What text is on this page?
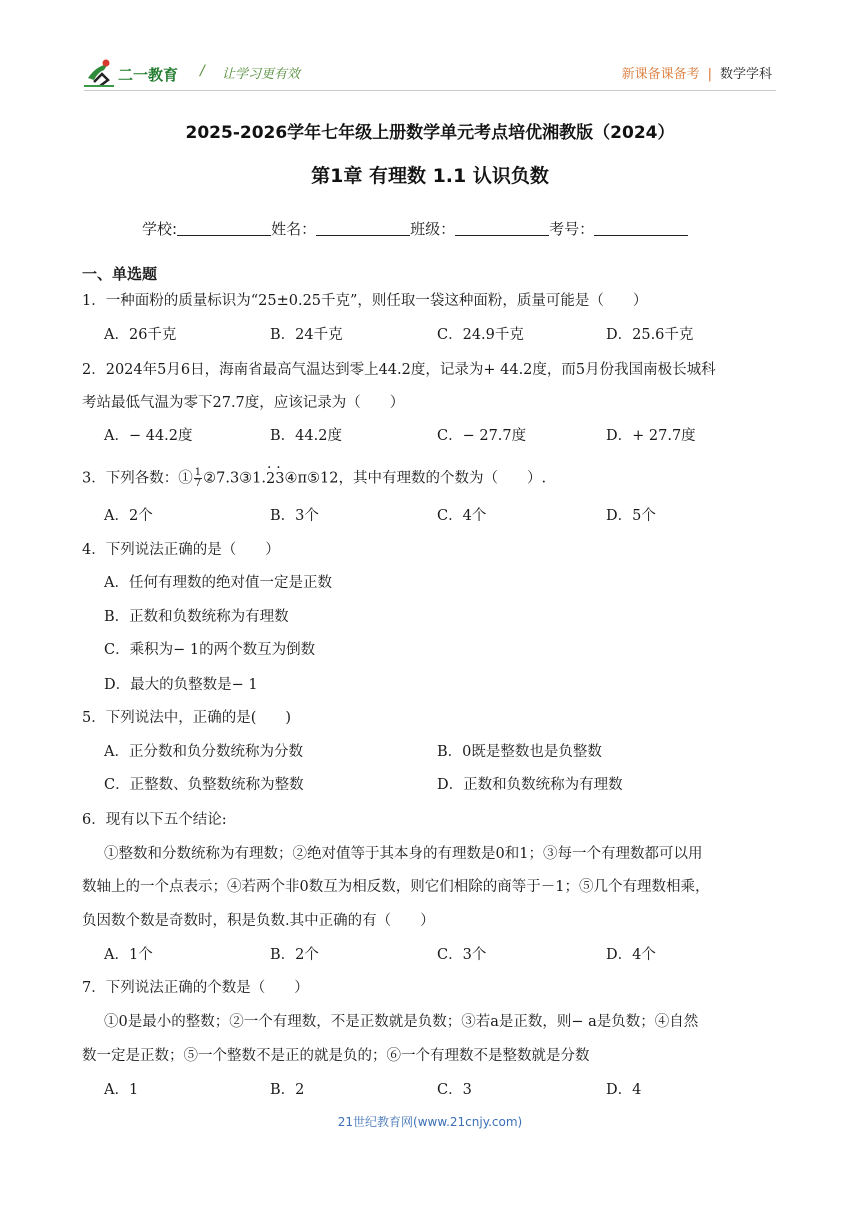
二一教育 / 让学习更有效	新课备课备考 | 数学学科
2025-2026学年七年级上册数学单元考点培优湘教版（2024）
第1章 有理数 1.1 认识负数
学校:	姓名：	班级：	考号：
一、单选题
1．一种面粉的质量标识为“25±0.25千克”，则任取一袋这种面粉，质量可能是（　　）
A．26千克	B．24千克	C．24.9千克	D．25.6千克
2．2024年5月6日，海南省最高气温达到零上44.2度，记录为+ 44.2度，而5月份我国南极长城科
考站最低气温为零下27.7度，应该记录为（　　）
A．− 44.2度	B．44.2度	C．− 27.7度	D．+ 27.7度
3．下列各数：① $\frac{1}{7}$ ②7.3③1.· 2· 3④π⑤12，其中有理数的个数为（　　）.
A．2个	B．3个	C．4个	D．5个
4．下列说法正确的是（　　）
A．任何有理数的绝对值一定是正数
B．正数和负数统称为有理数
C．乘积为− 1的两个数互为倒数
D．最大的负整数是− 1
5．下列说法中，正确的是(　　)
A．正分数和负分数统称为分数	B．0既是整数也是负整数
C．正整数、负整数统称为整数	D．正数和负数统称为有理数
6．现有以下五个结论:
①整数和分数统称为有理数；②绝对值等于其本身的有理数是0和1；③每一个有理数都可以用
数轴上的一个点表示；④若两个非0数互为相反数，则它们相除的商等于－1；⑤几个有理数相乘，
负因数个数是奇数时，积是负数.其中正确的有（　　）
A．1个	B．2个	C．3个	D．4个
7．下列说法正确的个数是（　　）
①0是最小的整数；②一个有理数，不是正数就是负数；③若a是正数，则− a是负数；④自然
数一定是正数；⑤一个整数不是正的就是负的；⑥一个有理数不是整数就是分数
A．1	B．2	C．3	D．4
21世纪教育网(www.21cnjy.com)
